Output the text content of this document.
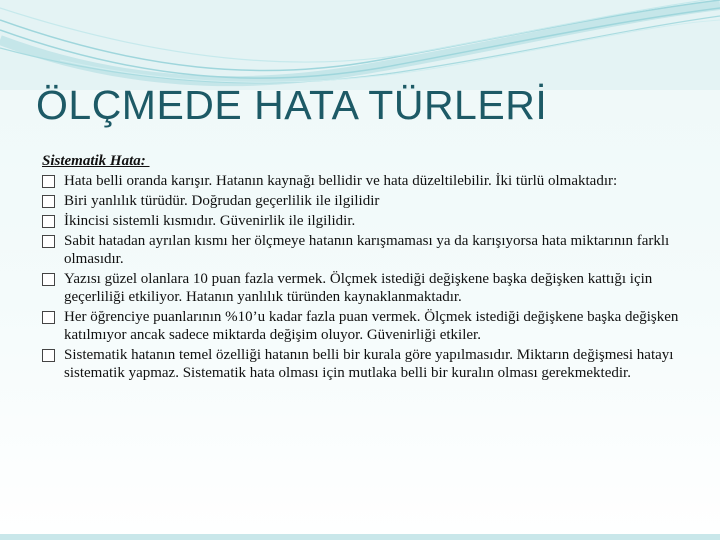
ÖLÇMEDE HATA TÜRLERİ
Sistematik Hata:
Hata belli oranda karışır. Hatanın kaynağı bellidir ve hata düzeltilebilir. İki türlü olmaktadır:
Biri yanlılık türüdür. Doğrudan geçerlilik ile ilgilidir
İkincisi sistemli kısmıdır. Güvenirlik ile ilgilidir.
Sabit hatadan ayrılan kısmı her ölçmeye hatanın karışmaması ya da karışıyorsa hata miktarının farklı olmasıdır.
Yazısı güzel olanlara 10 puan fazla vermek. Ölçmek istediği değişkene başka değişken kattığı için geçerliliği etkiliyor. Hatanın yanlılık türünden kaynaklanmaktadır.
Her öğrenciye puanlarının %10’u kadar fazla puan vermek. Ölçmek istediği değişkene başka değişken katılmıyor ancak sadece miktarda değişim oluyor. Güvenirliği etkiler.
Sistematik hatanın temel özelliği hatanın belli bir kurala göre yapılmasıdır. Miktarın değişmesi hatayı sistematik yapmaz. Sistematik hata olması için mutlaka belli bir kuralın olması gerekmektedir.
